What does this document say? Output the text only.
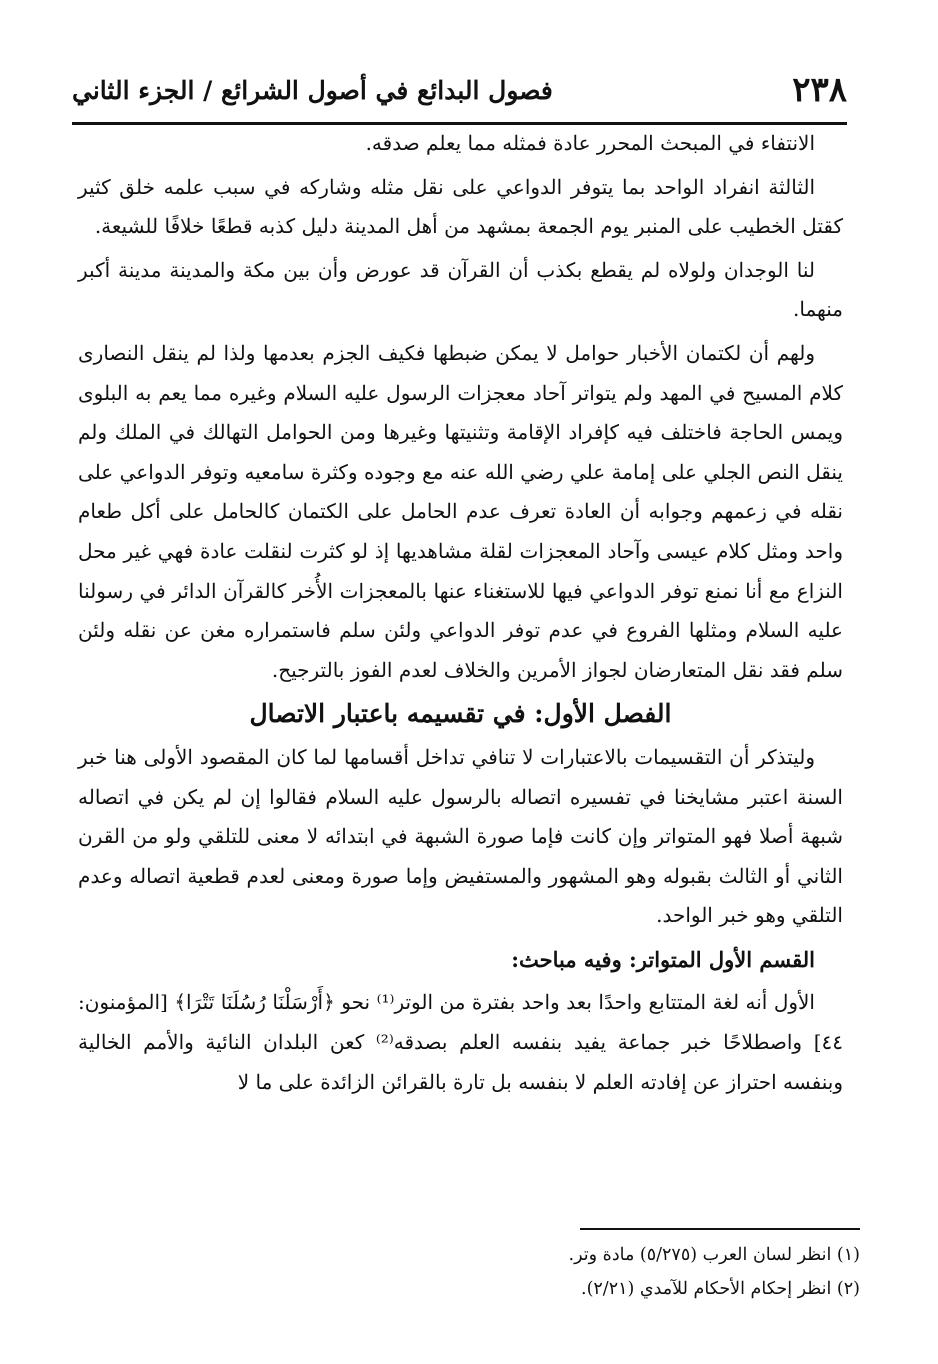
٢٣٨
فصول البدائع في أصول الشرائع / الجزء الثاني

الانتفاء في المبحث المحرر عادة فمثله مما يعلم صدقه.

الثالثة انفراد الواحد بما يتوفر الدواعي على نقل مثله وشاركه في سبب علمه خلق كثير كقتل الخطيب على المنبر يوم الجمعة بمشهد من أهل المدينة دليل كذبه قطعًا خلافًا للشيعة.

لنا الوجدان ولولاه لم يقطع بكذب أن القرآن قد عورض وأن بين مكة والمدينة مدينة أكبر منهما.

ولهم أن لكتمان الأخبار حوامل لا يمكن ضبطها فكيف الجزم بعدمها ولذا لم ينقل النصارى كلام المسيح في المهد ولم يتواتر آحاد معجزات الرسول عليه السلام وغيره مما يعم به البلوى ويمس الحاجة فاختلف فيه كإفراد الإقامة وتثنيتها وغيرها ومن الحوامل التهالك في الملك ولم ينقل النص الجلي على إمامة علي رضي الله عنه مع وجوده وكثرة سامعيه وتوفر الدواعي على نقله في زعمهم وجوابه أن العادة تعرف عدم الحامل على الكتمان كالحامل على أكل طعام واحد ومثل كلام عيسى وآحاد المعجزات لقلة مشاهديها إذ لو كثرت لنقلت عادة فهي غير محل النزاع مع أنا نمنع توفر الدواعي فيها للاستغناء عنها بالمعجزات الأُخر كالقرآن الدائر في رسولنا عليه السلام ومثلها الفروع في عدم توفر الدواعي ولئن سلم فاستمراره مغن عن نقله ولئن سلم فقد نقل المتعارضان لجواز الأمرين والخلاف لعدم الفوز بالترجيح.

الفصل الأول: في تقسيمه باعتبار الاتصال

وليتذكر أن التقسيمات بالاعتبارات لا تنافي تداخل أقسامها لما كان المقصود الأولى هنا خبر السنة اعتبر مشايخنا في تفسيره اتصاله بالرسول عليه السلام فقالوا إن لم يكن في اتصاله شبهة أصلا فهو المتواتر وإن كانت فإما صورة الشبهة في ابتدائه لا معنى للتلقي ولو من القرن الثاني أو الثالث بقبوله وهو المشهور والمستفيض وإما صورة ومعنى لعدم قطعية اتصاله وعدم التلقي وهو خبر الواحد.

القسم الأول المتواتر: وفيه مباحث:

الأول أنه لغة المتتابع واحدًا بعد واحد بفترة من الوتر⁽¹⁾ نحو ﴿أَرْسَلْنَا رُسُلَنَا تَتْرَا﴾ [المؤمنون: ٤٤] واصطلاحًا خبر جماعة يفيد بنفسه العلم بصدقه⁽²⁾ كعن البلدان النائية والأمم الخالية وبنفسه احتراز عن إفادته العلم لا بنفسه بل تارة بالقرائن الزائدة على ما لا

(١) انظر لسان العرب (٥/٢٧٥) مادة وتر.
(٢) انظر إحكام الأحكام للآمدي (٢/٢١).
